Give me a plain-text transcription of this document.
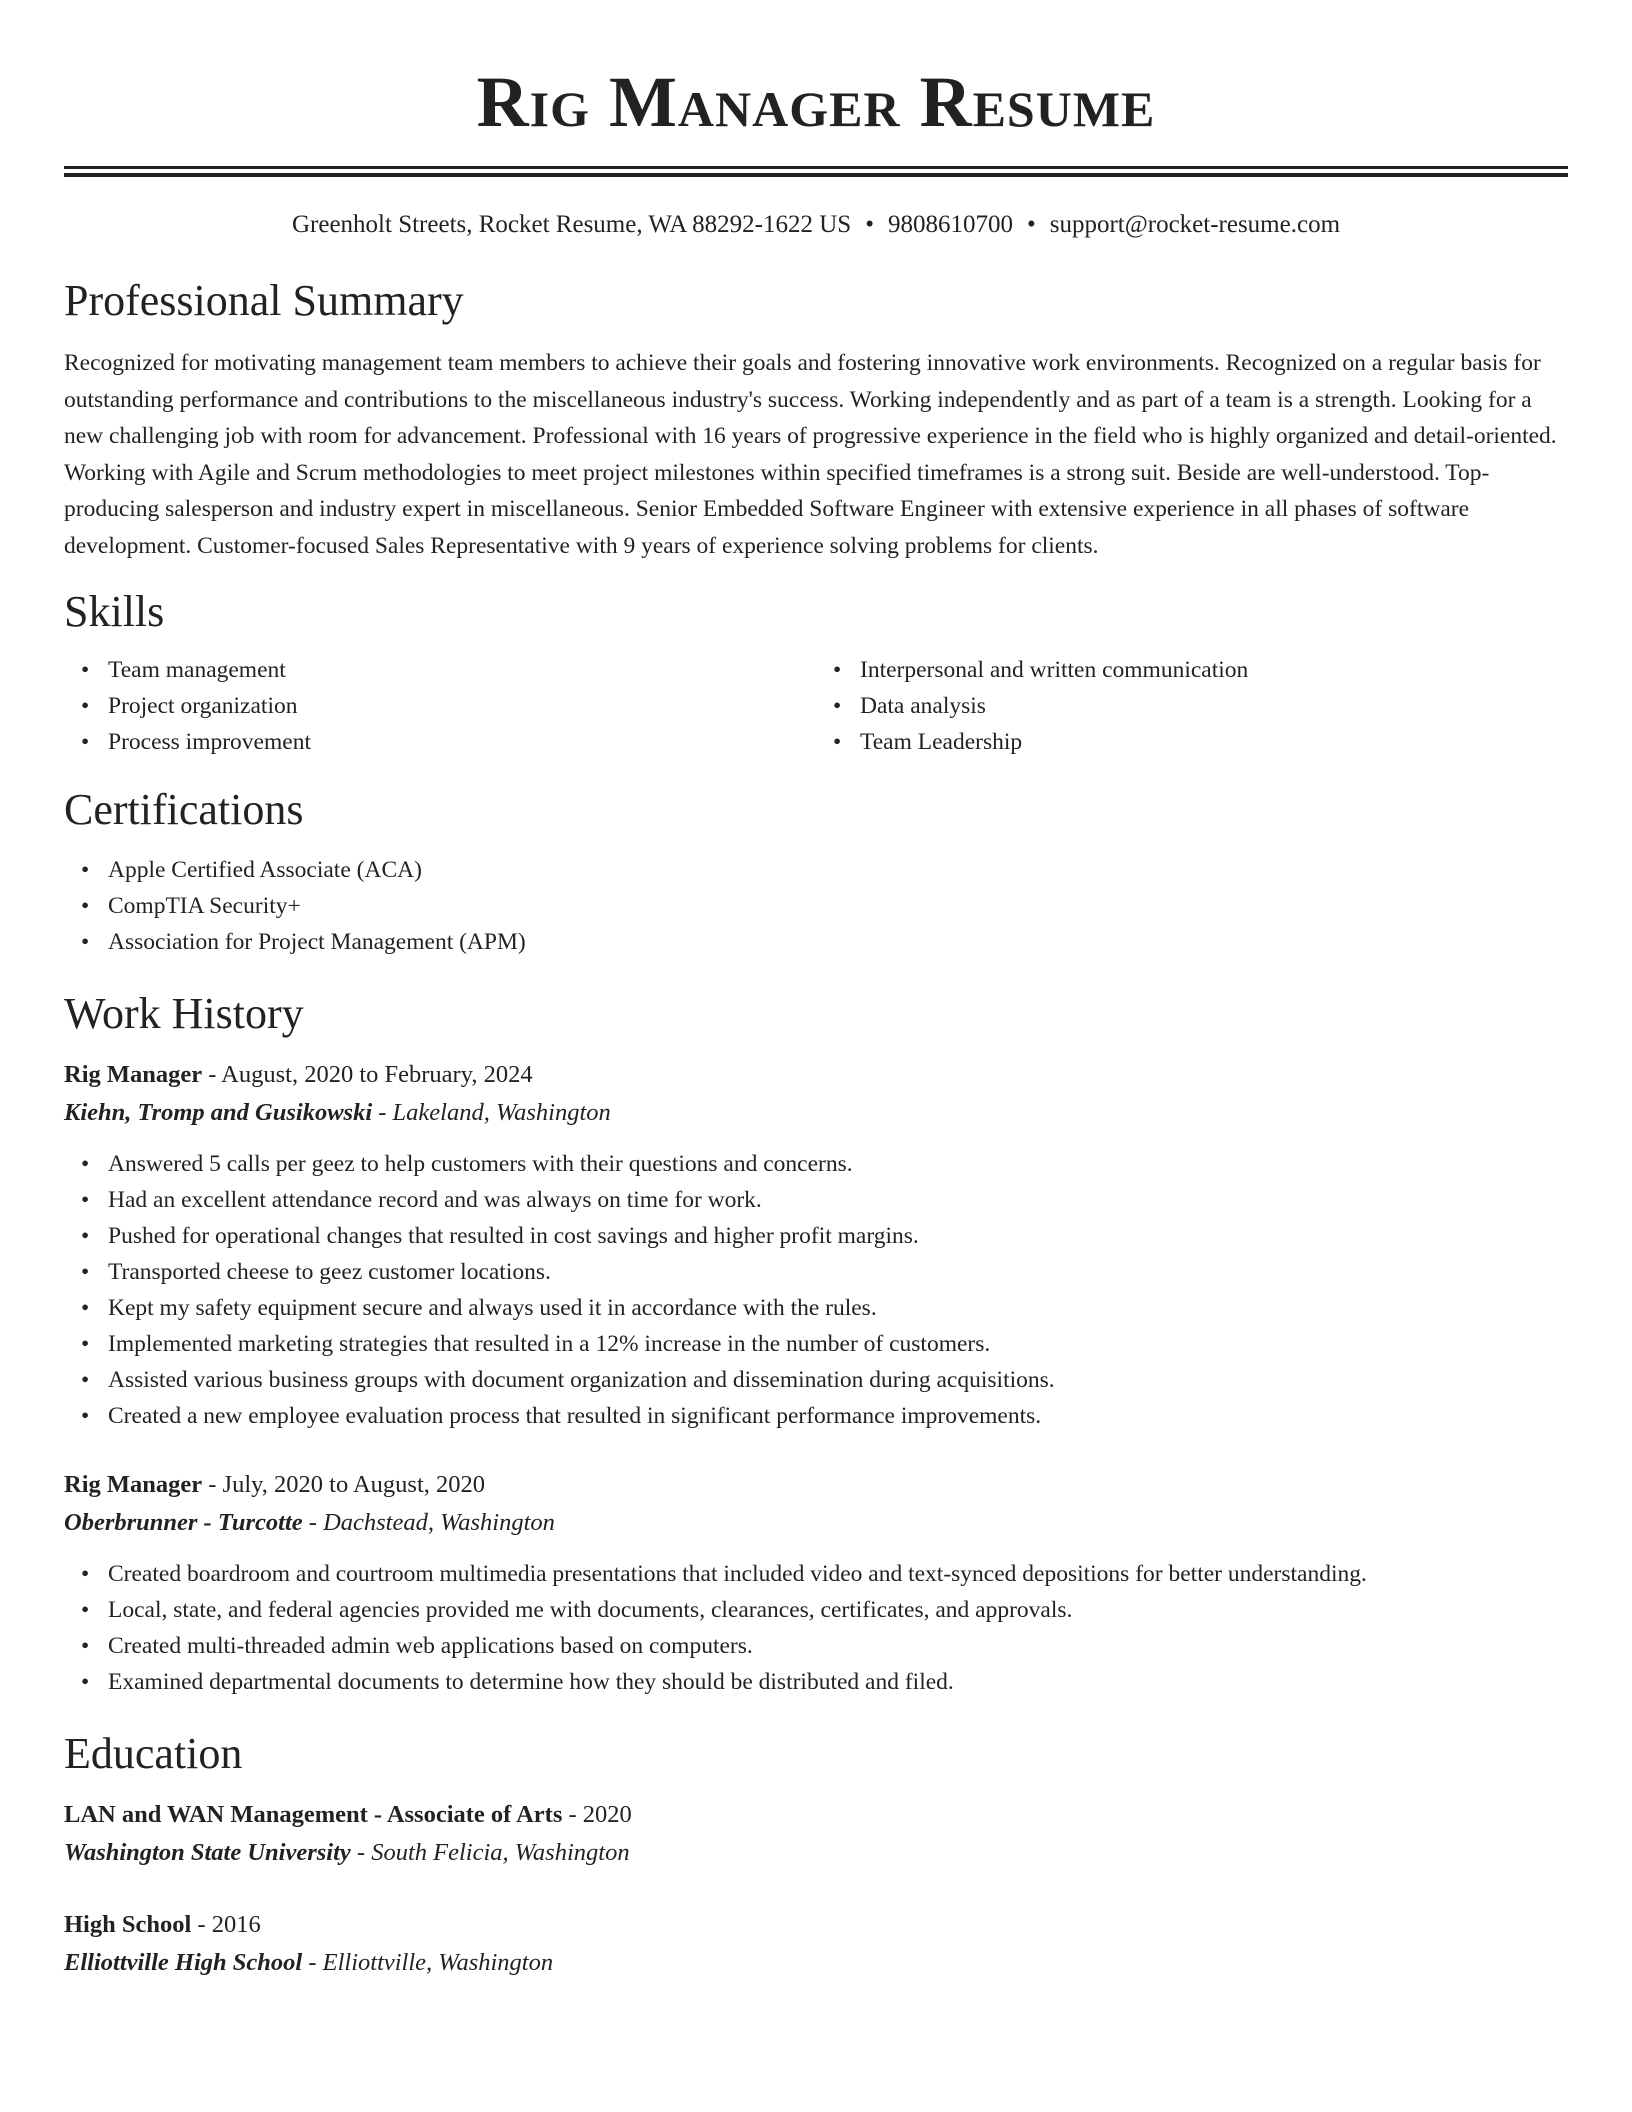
Rig Manager Resume
Greenholt Streets, Rocket Resume, WA 88292-1622 US • 9808610700 • support@rocket-resume.com
Professional Summary

Recognized for motivating management team members to achieve their goals and fostering innovative work environments. Recognized on a regular basis for outstanding performance and contributions to the miscellaneous industry's success. Working independently and as part of a team is a strength. Looking for a new challenging job with room for advancement. Professional with 16 years of progressive experience in the field who is highly organized and detail-oriented. Working with Agile and Scrum methodologies to meet project milestones within specified timeframes is a strong suit. Beside are well-understood. Top-producing salesperson and industry expert in miscellaneous. Senior Embedded Software Engineer with extensive experience in all phases of software development. Customer-focused Sales Representative with 9 years of experience solving problems for clients.

Skills
• Team management
• Project organization
• Process improvement
• Interpersonal and written communication
• Data analysis
• Team Leadership
Certifications
• Apple Certified Associate (ACA)
• CompTIA Security+
• Association for Project Management (APM)
Work History
Rig Manager - August, 2020 to February, 2024
Kiehn, Tromp and Gusikowski - Lakeland, Washington
• Answered 5 calls per geez to help customers with their questions and concerns.
• Had an excellent attendance record and was always on time for work.
• Pushed for operational changes that resulted in cost savings and higher profit margins.
• Transported cheese to geez customer locations.
• Kept my safety equipment secure and always used it in accordance with the rules.
• Implemented marketing strategies that resulted in a 12% increase in the number of customers.
• Assisted various business groups with document organization and dissemination during acquisitions.
• Created a new employee evaluation process that resulted in significant performance improvements.
Rig Manager - July, 2020 to August, 2020
Oberbrunner - Turcotte - Dachstead, Washington
• Created boardroom and courtroom multimedia presentations that included video and text-synced depositions for better understanding.
• Local, state, and federal agencies provided me with documents, clearances, certificates, and approvals.
• Created multi-threaded admin web applications based on computers.
• Examined departmental documents to determine how they should be distributed and filed.
Education
LAN and WAN Management - Associate of Arts - 2020
Washington State University - South Felicia, Washington
High School - 2016
Elliottville High School - Elliottville, Washington
